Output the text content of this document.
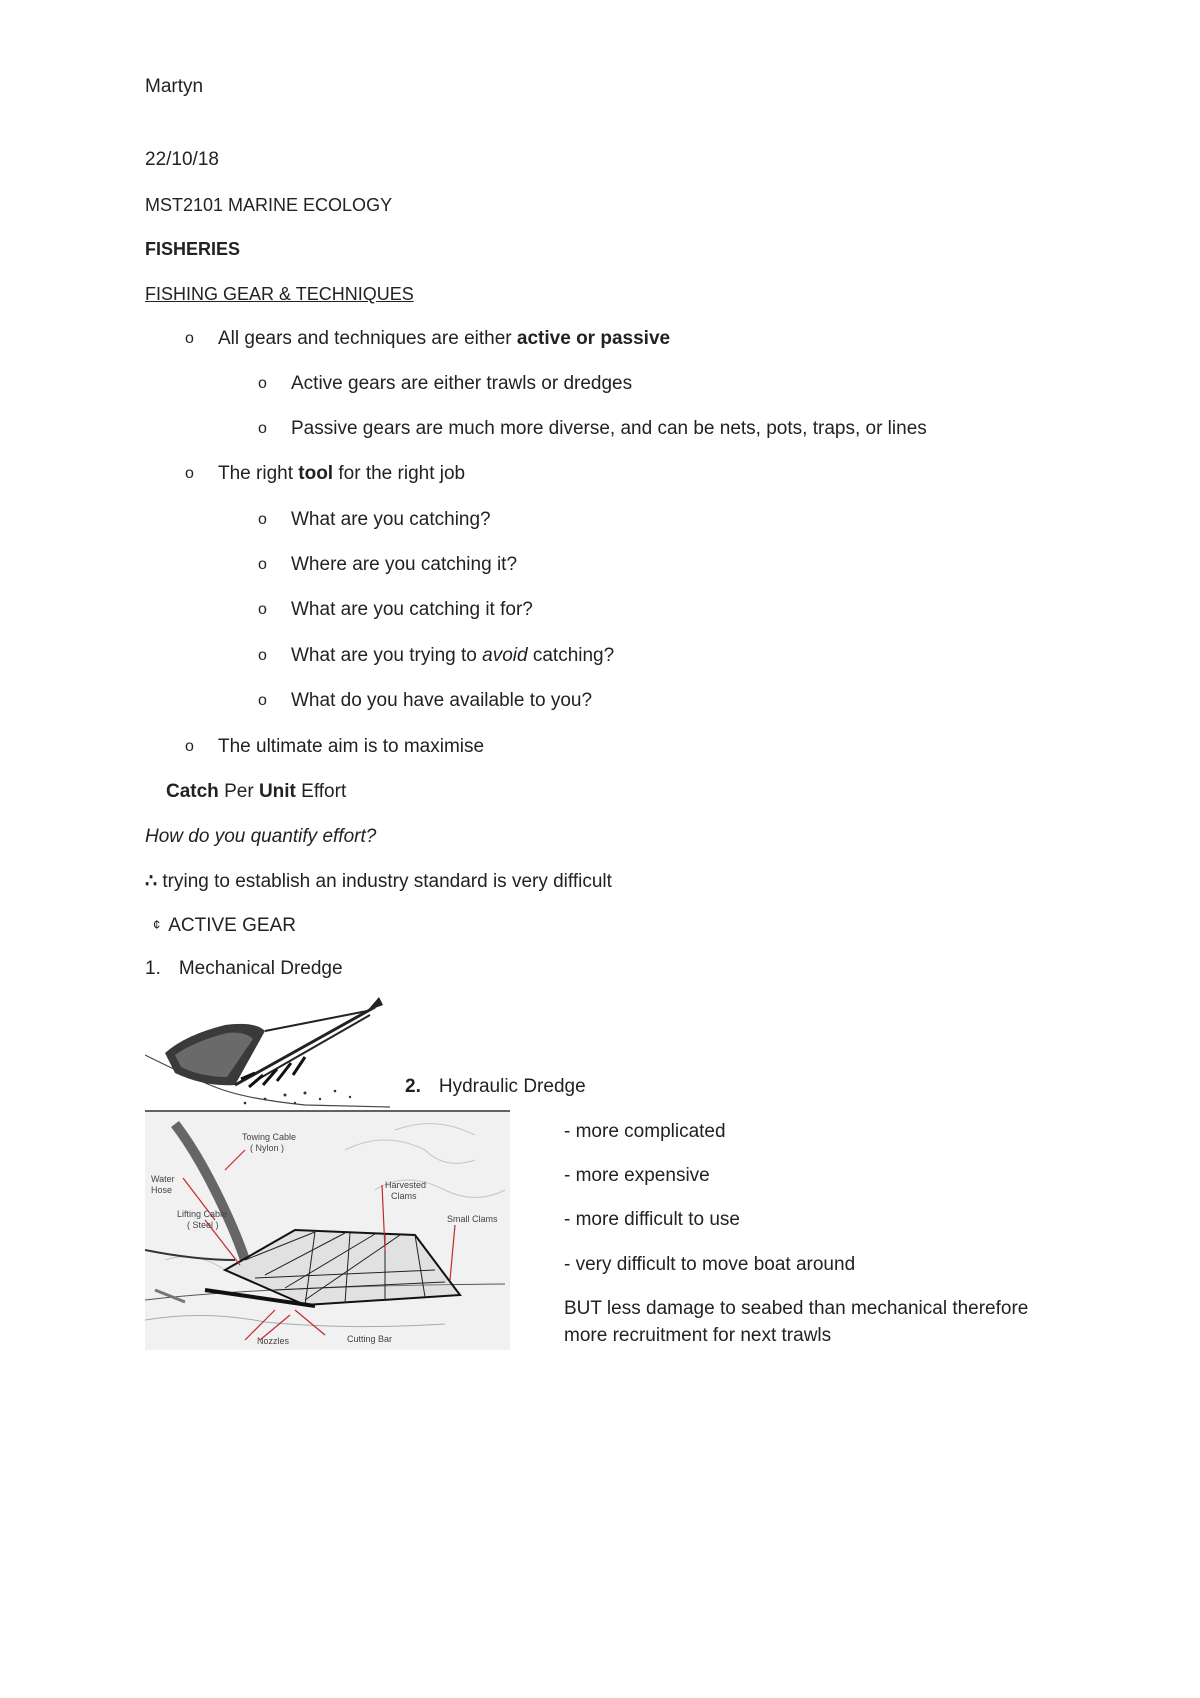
Martyn
22/10/18
MST2101 MARINE ECOLOGY
FISHERIES
FISHING GEAR & TECHNIQUES
o All gears and techniques are either active or passive
o Active gears are either trawls or dredges
o Passive gears are much more diverse, and can be nets, pots, traps, or lines
o The right tool for the right job
o What are you catching?
o Where are you catching it?
o What are you catching it for?
o What are you trying to avoid catching?
o What do you have available to you?
o The ultimate aim is to maximise
Catch Per Unit Effort
How do you quantify effort?
∴ trying to establish an industry standard is very difficult
¢ ACTIVE GEAR
1. Mechanical Dredge
2. Hydraulic Dredge
Towing Cable
( Nylon )
Water
Hose
Lifting Cable
( Steel )
Harvested
Clams
Small Clams
Nozzles	Cutting Bar
- more complicated
- more expensive
- more difficult to use
- very difficult to move boat around
BUT less damage to seabed than mechanical therefore
more recruitment for next trawls
